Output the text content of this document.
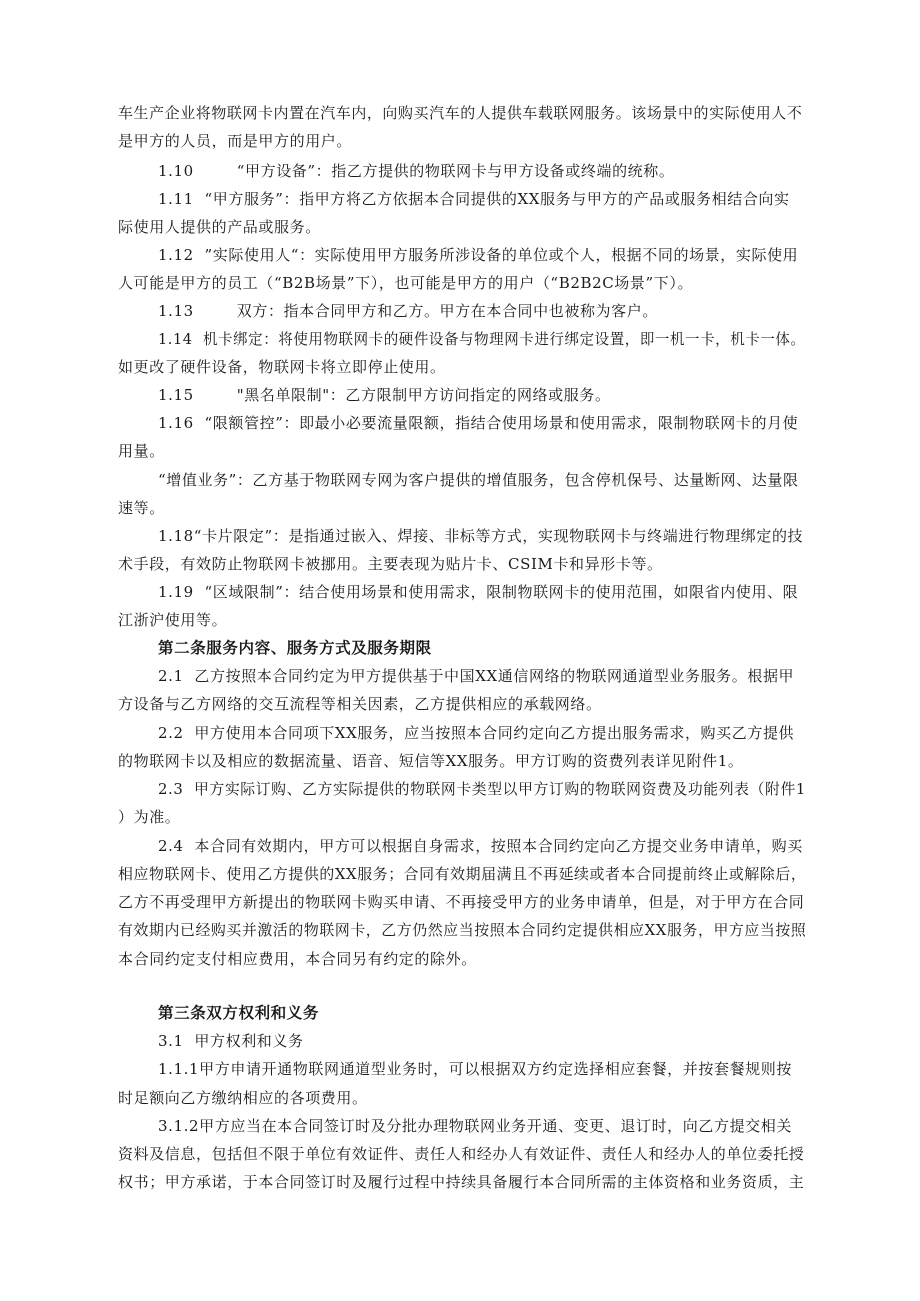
车生产企业将物联网卡内置在汽车内，向购买汽车的人提供车载联网服务。该场景中的实际使用人不
是甲方的人员，而是甲方的用户。
1.10        “甲方设备”：指乙方提供的物联网卡与甲方设备或终端的统称。
1.11  “甲方服务”：指甲方将乙方依据本合同提供的XX服务与甲方的产品或服务相结合向实
际使用人提供的产品或服务。
1.12  ”实际使用人“：实际使用甲方服务所涉设备的单位或个人，根据不同的场景，实际使用
人可能是甲方的员工（“B2B场景”下），也可能是甲方的用户（“B2B2C场景”下）。
1.13        双方：指本合同甲方和乙方。甲方在本合同中也被称为客户。
1.14  机卡绑定：将使用物联网卡的硬件设备与物理网卡进行绑定设置，即一机一卡，机卡一体。
如更改了硬件设备，物联网卡将立即停止使用。
1.15        "黑名单限制"：乙方限制甲方访问指定的网络或服务。
1.16  “限额管控”：即最小必要流量限额，指结合使用场景和使用需求，限制物联网卡的月使
用量。
“增值业务”：乙方基于物联网专网为客户提供的增值服务，包含停机保号、达量断网、达量限
速等。
1.18“卡片限定”：是指通过嵌入、焊接、非标等方式，实现物联网卡与终端进行物理绑定的技
术手段，有效防止物联网卡被挪用。主要表现为贴片卡、CSIM卡和异形卡等。
1.19  “区域限制”：结合使用场景和使用需求，限制物联网卡的使用范围，如限省内使用、限
江浙沪使用等。
第二条服务内容、服务方式及服务期限
2.1  乙方按照本合同约定为甲方提供基于中国XX通信网络的物联网通道型业务服务。根据甲
方设备与乙方网络的交互流程等相关因素，乙方提供相应的承载网络。
2.2  甲方使用本合同项下XX服务，应当按照本合同约定向乙方提出服务需求，购买乙方提供
的物联网卡以及相应的数据流量、语音、短信等XX服务。甲方订购的资费列表详见附件1。
2.3  甲方实际订购、乙方实际提供的物联网卡类型以甲方订购的物联网资费及功能列表（附件1
）为准。
2.4  本合同有效期内，甲方可以根据自身需求，按照本合同约定向乙方提交业务申请单，购买
相应物联网卡、使用乙方提供的XX服务；合同有效期届满且不再延续或者本合同提前终止或解除后，
乙方不再受理甲方新提出的物联网卡购买申请、不再接受甲方的业务申请单，但是，对于甲方在合同
有效期内已经购买并激活的物联网卡，乙方仍然应当按照本合同约定提供相应XX服务，甲方应当按照
本合同约定支付相应费用，本合同另有约定的除外。
第三条双方权利和义务
3.1  甲方权利和义务
1.1.1甲方申请开通物联网通道型业务时，可以根据双方约定选择相应套餐，并按套餐规则按
时足额向乙方缴纳相应的各项费用。
3.1.2甲方应当在本合同签订时及分批办理物联网业务开通、变更、退订时，向乙方提交相关
资料及信息，包括但不限于单位有效证件、责任人和经办人有效证件、责任人和经办人的单位委托授
权书；甲方承诺，于本合同签订时及履行过程中持续具备履行本合同所需的主体资格和业务资质，主
